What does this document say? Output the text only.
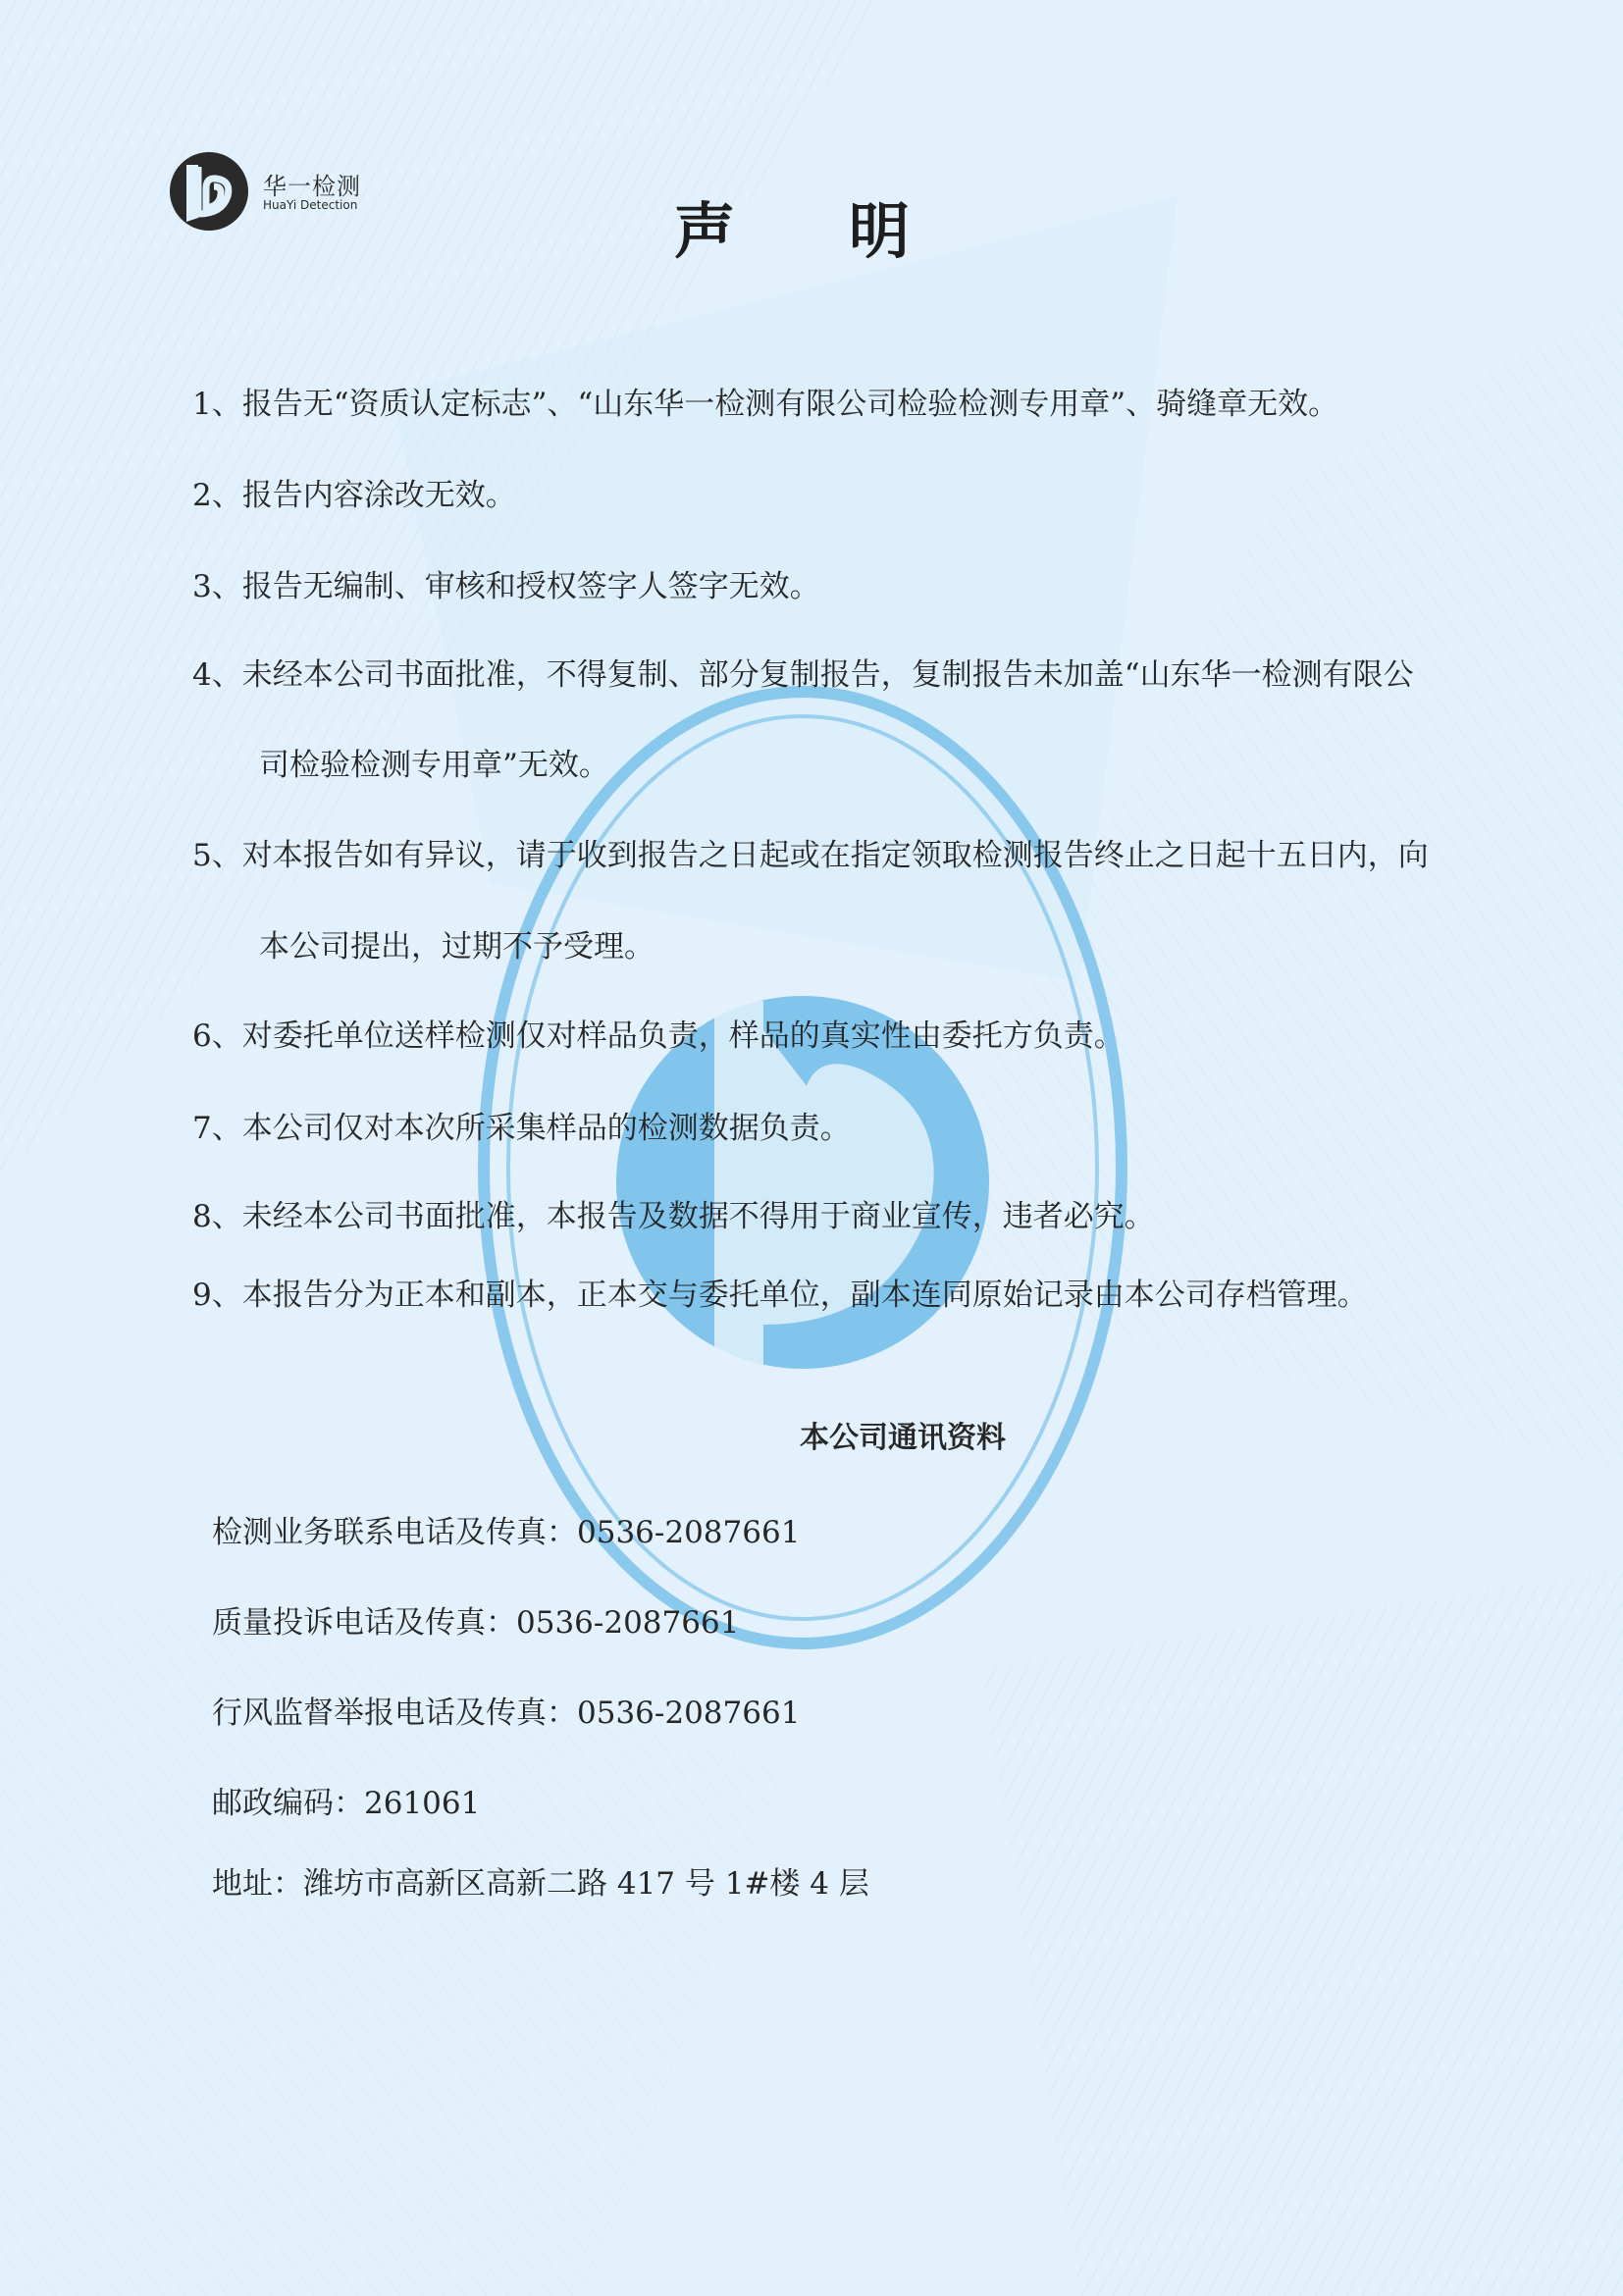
华一检测
HuaYi Detection	声明
1、报告无“资质认定标志”、“山东华一检测有限公司检验检测专用章”、骑缝章无效。
2、报告内容涂改无效。
3、报告无编制、审核和授权签字人签字无效。
4、未经本公司书面批准，不得复制、部分复制报告，复制报告未加盖“山东华一检测有限公
司检验检测专用章”无效。
5、对本报告如有异议，请于收到报告之日起或在指定领取检测报告终止之日起十五日内，向
本公司提出，过期不予受理。
6、对委托单位送样检测仅对样品负责，样品的真实性由委托方负责。
7、本公司仅对本次所采集样品的检测数据负责。
8、未经本公司书面批准，本报告及数据不得用于商业宣传，违者必究。
9、本报告分为正本和副本，正本交与委托单位，副本连同原始记录由本公司存档管理。
本公司通讯资料
检测业务联系电话及传真：0536-2087661
质量投诉电话及传真：0536-2087661
行风监督举报电话及传真：0536-2087661
邮政编码：261061
地址：潍坊市高新区高新二路 417 号 1#楼 4 层
